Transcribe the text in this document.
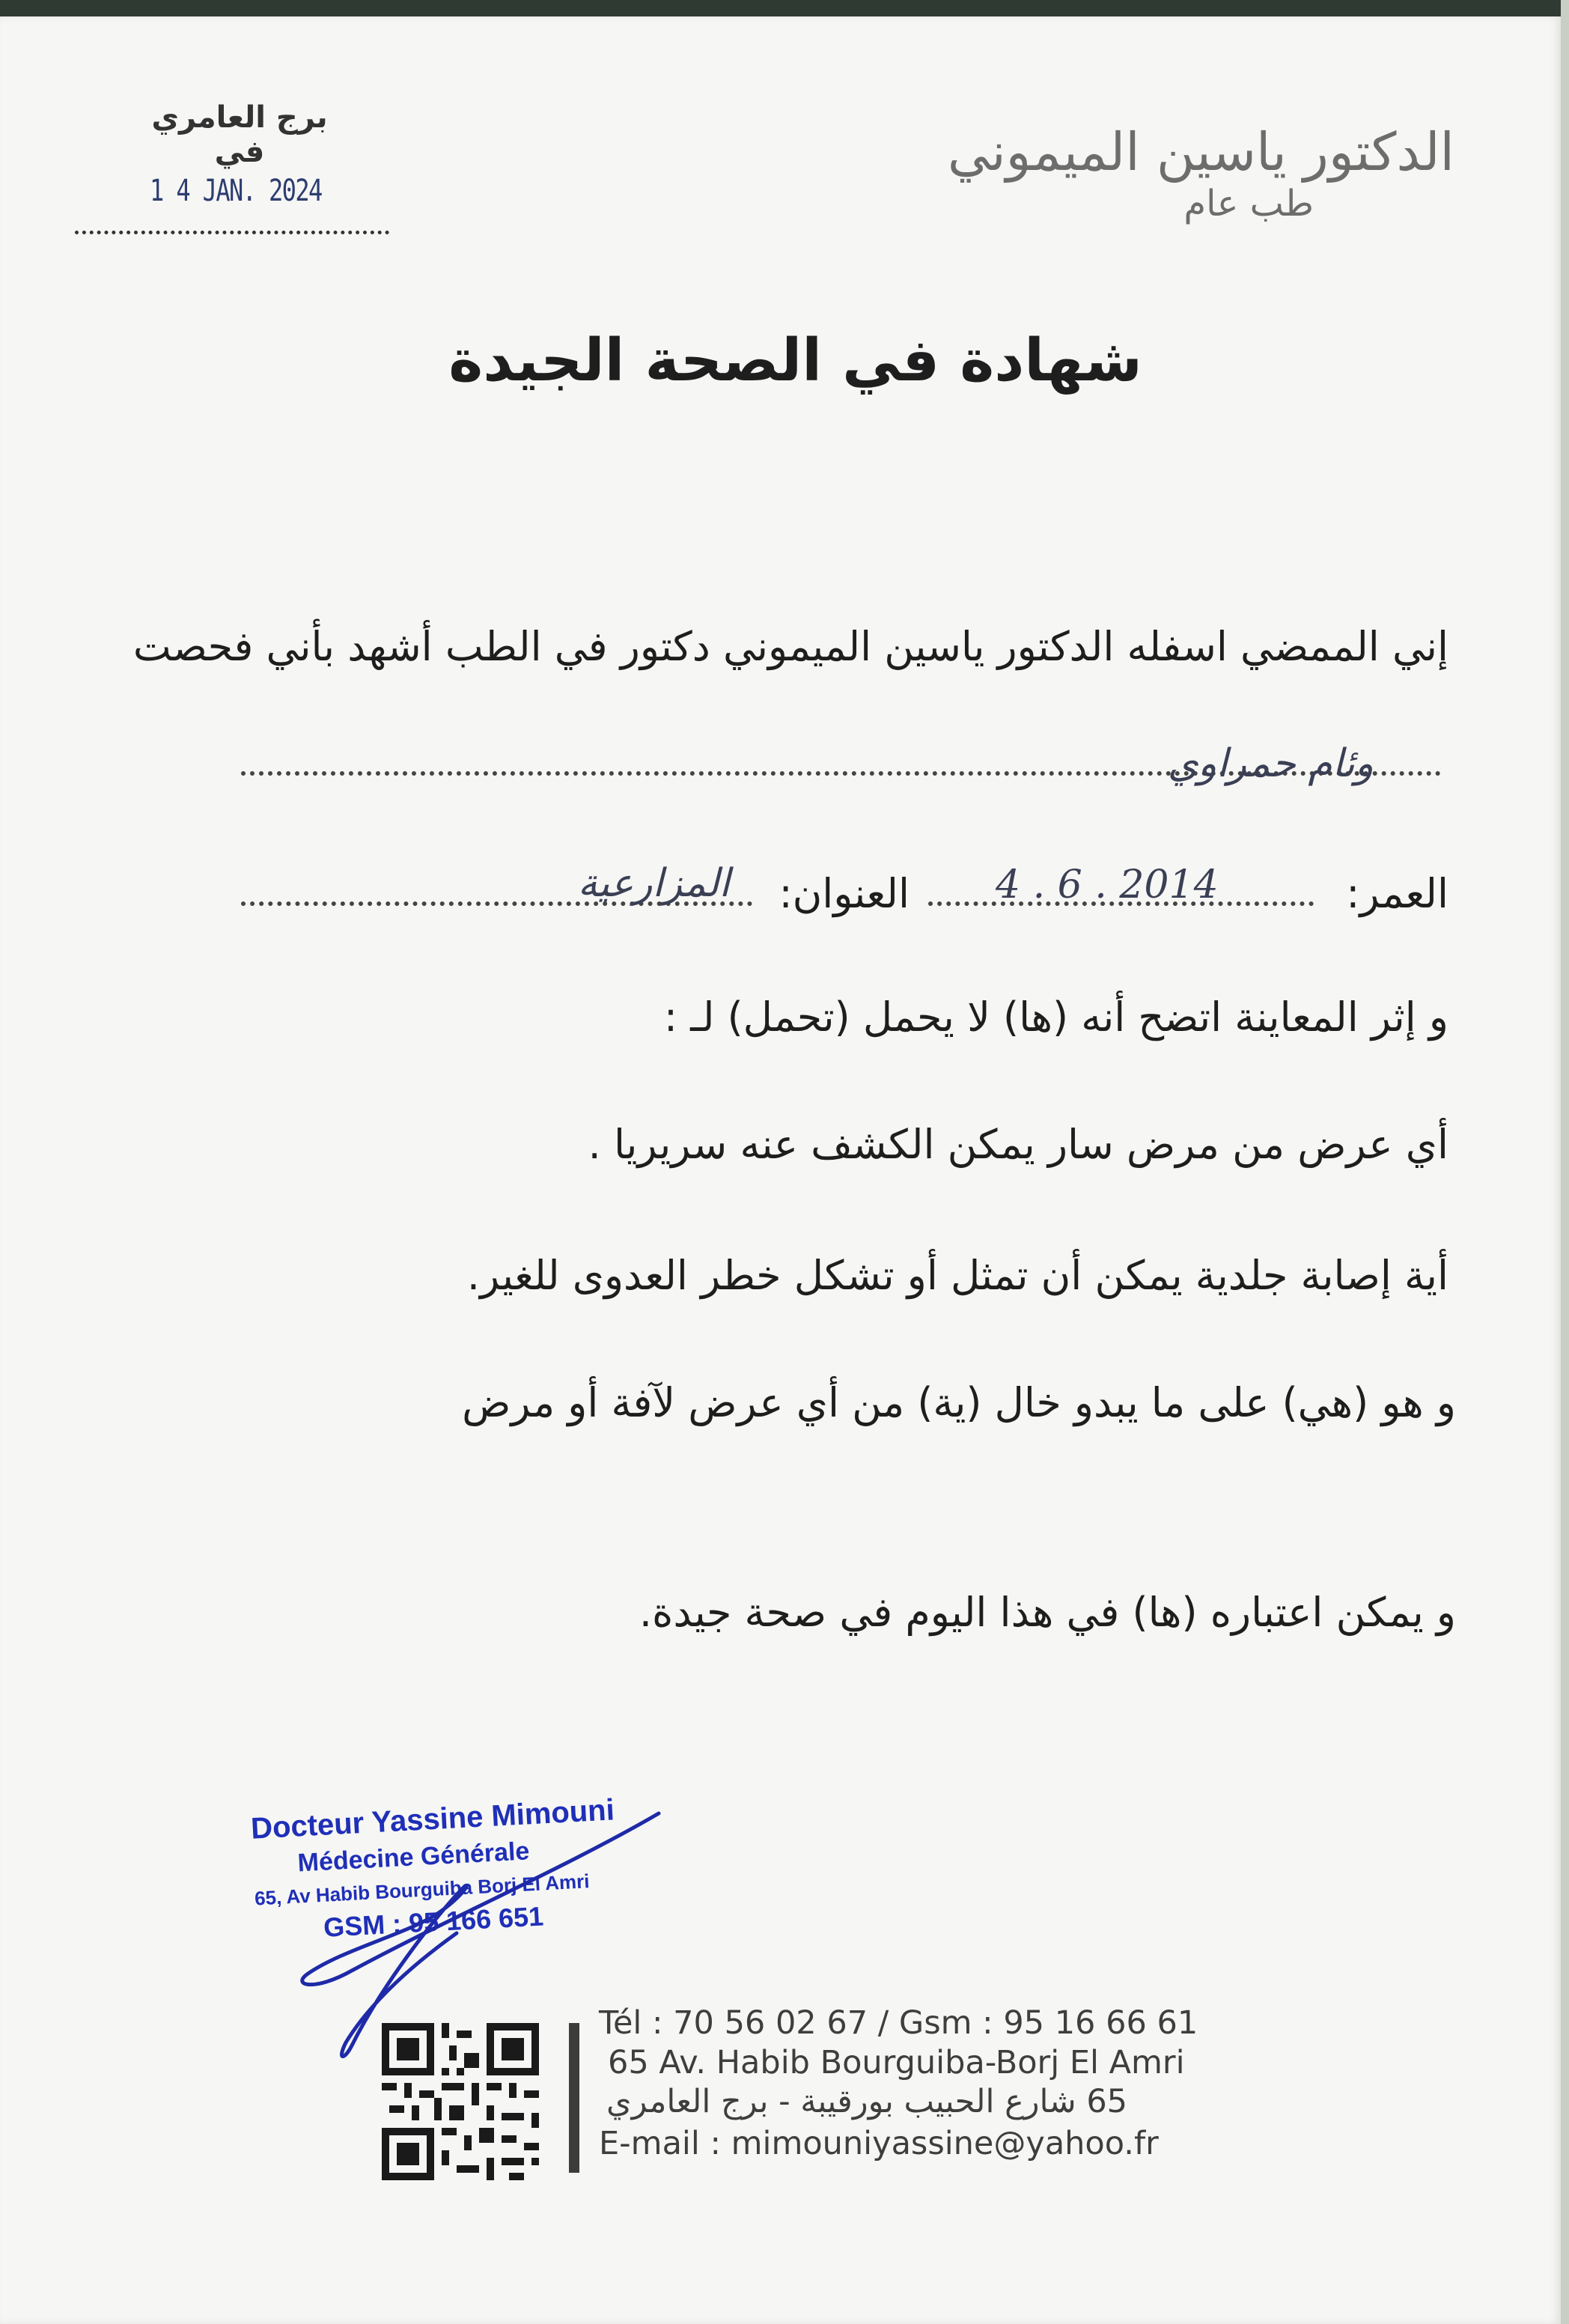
الدكتور ياسين الميموني
طب عام
برج العامري في
1 4 JAN. 2024
شهادة في الصحة الجيدة
إني الممضي اسفله الدكتور ياسين الميموني دكتور في الطب أشهد بأني فحصت
وئام حمراوي
العمر:
4 . 6 . 2014
العنوان:
المزارعية
و إثر المعاينة اتضح أنه (ها) لا يحمل (تحمل) لـ :
أي عرض من مرض سار يمكن الكشف عنه سريريا .
أية إصابة جلدية يمكن أن تمثل أو تشكل خطر العدوى للغير.
و هو (هي) على ما يبدو خال (ية) من أي عرض لآفة أو مرض
و يمكن اعتباره (ها) في هذا اليوم في صحة جيدة.
Docteur Yassine Mimouni
Médecine Générale
65, Av Habib Bourguiba Borj El Amri
GSM : 95 166 651
Tél : 70 56 02 67 / Gsm : 95 16 66 61
65 Av. Habib Bourguiba-Borj El Amri
65 شارع الحبيب بورقيبة - برج العامري
E-mail : mimouniyassine@yahoo.fr
